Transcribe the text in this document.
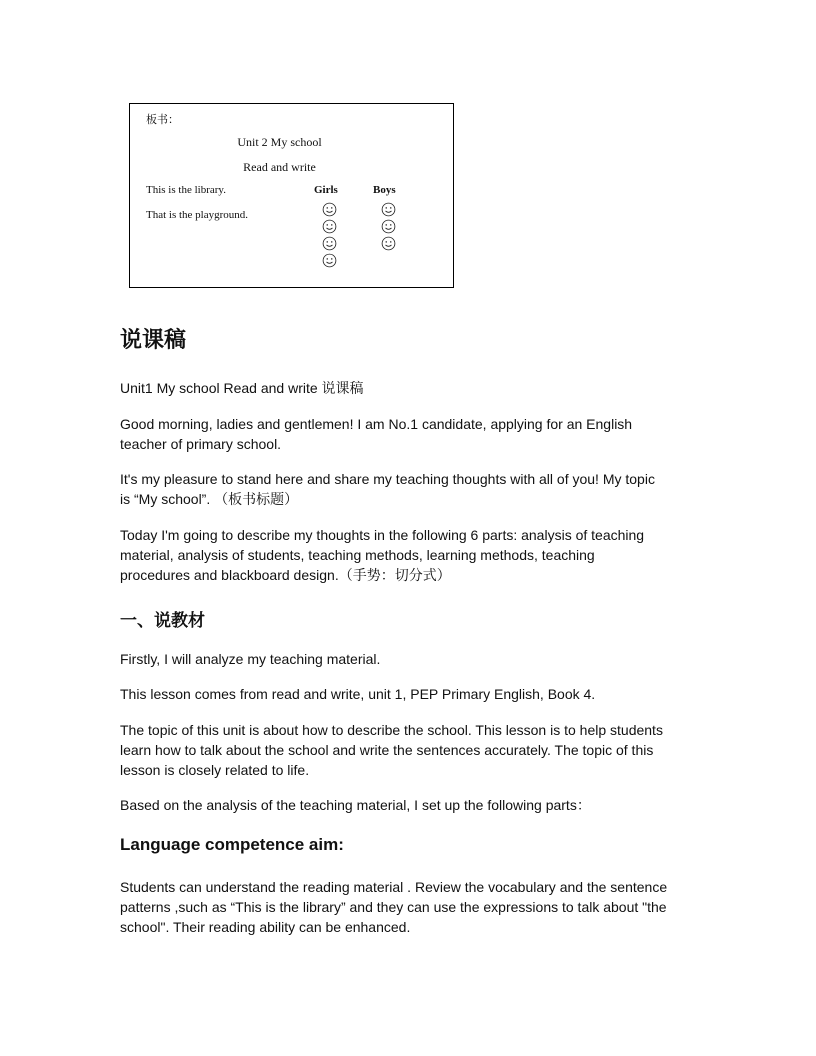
板书：
Unit 2 My school
Read and write
This is the library.
That is the playground.
Girls	Boys
说课稿

Unit1 My school Read and write 说课稿

Good morning, ladies and gentlemen! I am No.1 candidate, applying for an English

teacher of primary school.

It's my pleasure to stand here and share my teaching thoughts with all of you! My topic

is “My school”. （板书标题）

Today I'm going to describe my thoughts in the following 6 parts: analysis of teaching

material, analysis of students, teaching methods, learning methods, teaching

procedures and blackboard design.（手势：切分式）

一、说教材

Firstly, I will analyze my teaching material.

This lesson comes from read and write, unit 1, PEP Primary English, Book 4.

The topic of this unit is about how to describe the school. This lesson is to help students

learn how to talk about the school and write the sentences accurately. The topic of this

lesson is closely related to life.

Based on the analysis of the teaching material, I set up the following parts：

Language competence aim:

Students can understand the reading material . Review the vocabulary and the sentence

patterns ,such as “This is the library” and they can use the expressions to talk about "the

school". Their reading ability can be enhanced.
